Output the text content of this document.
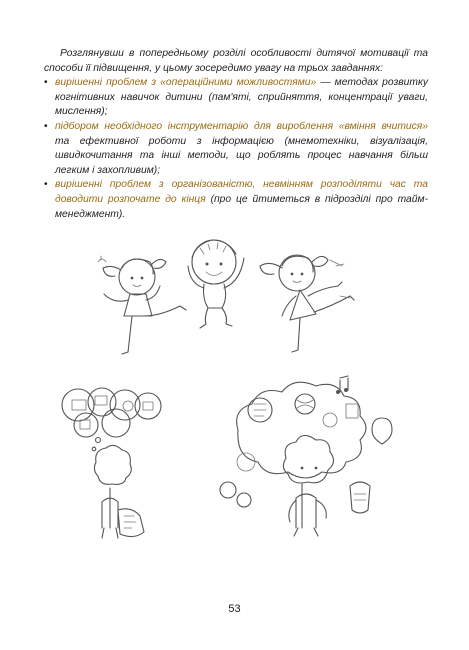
Розглянувши в попередньому розділі особливості дитячої мотивації та способи її підвищення, у цьому зосередимо увагу на трьох завданнях:

• вирішенні проблем з «операційними можливостями» — методах розвитку когнітивних навичок дитини (пам'яті, сприйняття, концентрації уваги, мислення);
• підбором необхідного інструментарію для вироблення «вміння вчитися» та ефективної роботи з інформацією (мнемотехніки, візуалізація, швидкочитання та інші методи, що роблять процес навчання більш легким і захопливим);
• вирішенні проблем з організованістю, невмінням розподіляти час та доводити розпочате до кінця (про це йтиметься в підрозділі про тайм-менеджмент).
53
